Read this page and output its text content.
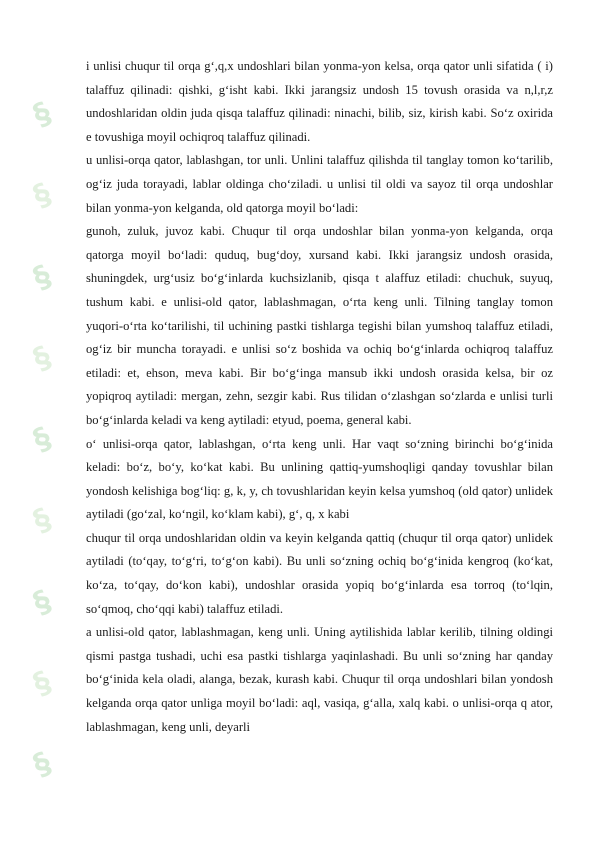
§
§
§
§
§
§
§
§
§

i unlisi chuqur til orqa g‘,q,x undoshlari bilan yonma-yon kelsa, orqa qator unli sifatida ( i) talaffuz qilinadi: qishki, g‘isht kabi. Ikki jarangsiz undosh 15 tovush orasida va n,l,r,z undoshlaridan oldin juda qisqa talaffuz qilinadi: ninachi, bilib, siz, kirish kabi. So‘z oxirida e tovushiga moyil ochiqroq talaffuz qilinadi.

u unlisi-orqa qator, lablashgan, tor unli. Unlini talaffuz qilishda til tanglay tomon ko‘tarilib, og‘iz juda torayadi, lablar oldinga cho‘ziladi. u unlisi til oldi va sayoz til orqa undoshlar bilan yonma-yon kelganda, old qatorga moyil bo‘ladi:

gunoh, zuluk, juvoz kabi. Chuqur til orqa undoshlar bilan yonma-yon kelganda, orqa qatorga moyil bo‘ladi: quduq, bug‘doy, xursand kabi. Ikki jarangsiz undosh orasida, shuningdek, urg‘usiz bo‘g‘inlarda kuchsizlanib, qisqa t alaffuz etiladi: chuchuk, suyuq, tushum kabi. e unlisi-old qator, lablashmagan, o‘rta keng unli. Tilning tanglay tomon yuqori-o‘rta ko‘tarilishi, til uchining pastki tishlarga tegishi bilan yumshoq talaffuz etiladi, og‘iz bir muncha torayadi. e unlisi so‘z boshida va ochiq bo‘g‘inlarda ochiqroq talaffuz etiladi: et, ehson, meva kabi. Bir bo‘g‘inga mansub ikki undosh orasida kelsa, bir oz yopiqroq aytiladi: mergan, zehn, sezgir kabi. Rus tilidan o‘zlashgan so‘zlarda e unlisi turli bo‘g‘inlarda keladi va keng aytiladi: etyud, poema, general kabi.

o‘ unlisi-orqa qator, lablashgan, o‘rta keng unli. Har vaqt so‘zning birinchi bo‘g‘inida keladi: bo‘z, bo‘y, ko‘kat kabi. Bu unlining qattiq-yumshoqligi qanday tovushlar bilan yondosh kelishiga bog‘liq: g, k, y, ch tovushlaridan keyin kelsa yumshoq (old qator) unlidek aytiladi (go‘zal, ko‘ngil, ko‘klam kabi), g‘, q, x kabi

chuqur til orqa undoshlaridan oldin va keyin kelganda qattiq (chuqur til orqa qator) unlidek aytiladi (to‘qay, to‘g‘ri, to‘g‘on kabi). Bu unli so‘zning ochiq bo‘g‘inida kengroq (ko‘kat, ko‘za, to‘qay, do‘kon kabi), undoshlar orasida yopiq bo‘g‘inlarda esa torroq (to‘lqin, so‘qmoq, cho‘qqi kabi) talaffuz etiladi.

a unlisi-old qator, lablashmagan, keng unli. Uning aytilishida lablar kerilib, tilning oldingi qismi pastga tushadi, uchi esa pastki tishlarga yaqinlashadi. Bu unli so‘zning har qanday bo‘g‘inida kela oladi, alanga, bezak, kurash kabi. Chuqur til orqa undoshlari bilan yondosh kelganda orqa qator unliga moyil bo‘ladi: aql, vasiqa, g‘alla, xalq kabi. o unlisi-orqa q ator, lablashmagan, keng unli, deyarli
